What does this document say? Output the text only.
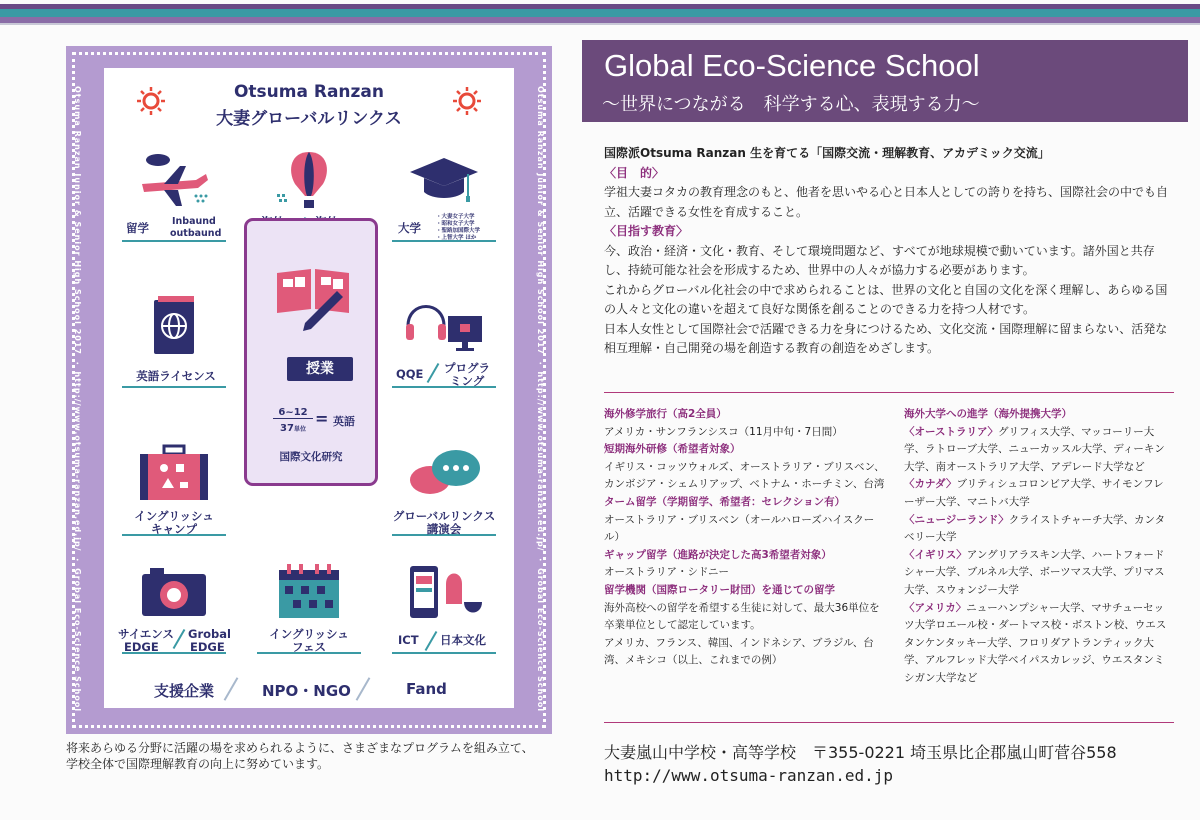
Otsuma Ranzan Junior & Senior High School 2017 ・ http://www.otsuma-ranzan.ed.jp/ ・ Grobal Eco-Science School	Otsuma Ranzan Junior & Senior High School 2017 ・ http://www.otsuma-ranzan.ed.jp/ ・ Grobal Eco-Science School
Otsuma Ranzan
大妻グローバルリンクス
留学 Inbaund
outbaund	大学
・大妻女子大学
・昭和女子大学
・聖路加国際大学
・上智大学 ほか
英語ライセンス	授業
6~12
37単位
= 英語
国際文化研究
QQE プログラ
ミング
イングリッシュ
キャンプ
グローバルリンクス
講演会
サイエンス
EDGE
Grobal
EDGE
イングリッシュ
フェス	ICT 日本文化
支援企業	NPO・NGO	Fand
将来あらゆる分野に活躍の場を求められるように、さまざまなプログラムを組み立て、
学校全体で国際理解教育の向上に努めています。
Global Eco-Science School
〜世界につながる　科学する心、表現する力〜
国際派Otsuma Ranzan 生を育てる「国際交流・理解教育、アカデミック交流」
〈目　的〉
学祖大妻コタカの教育理念のもと、他者を思いやる心と日本人としての誇りを持ち、国際社会の中でも自立、活躍できる女性を育成すること。
〈目指す教育〉
今、政治・経済・文化・教育、そして環境問題など、すべてが地球規模で動いています。諸外国と共存し、持続可能な社会を形成するため、世界中の人々が協力する必要があります。
これからグローバル化社会の中で求められることは、世界の文化と自国の文化を深く理解し、あらゆる国の人々と文化の違いを超えて良好な関係を創ることのできる力を持つ人材です。
日本人女性として国際社会で活躍できる力を身につけるため、文化交流・国際理解に留まらない、活発な相互理解・自己開発の場を創造する教育の創造をめざします。
海外修学旅行（高2全員）
アメリカ・サンフランシスコ（11月中旬・7日間）
短期海外研修（希望者対象）
イギリス・コッツウォルズ、オーストラリア・ブリスベン、カンボジア・シェムリアップ、ベトナム・ホーチミン、台湾
ターム留学（学期留学、希望者：セレクション有）
オーストラリア・ブリスベン（オールハローズハイスクール）
ギャップ留学（進路が決定した高3希望者対象）
オーストラリア・シドニー
留学機関（国際ロータリー財団）を通じての留学
海外高校への留学を希望する生徒に対して、最大36単位を卒業単位として認定しています。
アメリカ、フランス、韓国、インドネシア、ブラジル、台湾、メキシコ（以上、これまでの例）
海外大学への進学（海外提携大学）
〈オーストラリア〉グリフィス大学、マッコーリー大学、ラトローブ大学、ニューカッスル大学、ディーキン大学、南オーストラリア大学、アデレード大学など
〈カナダ〉ブリティシュコロンビア大学、サイモンフレーザー大学、マニトバ大学
〈ニュージーランド〉クライストチャーチ大学、カンタベリー大学
〈イギリス〉アングリアラスキン大学、ハートフォードシャー大学、ブルネル大学、ボーツマス大学、プリマス大学、スウォンジー大学
〈アメリカ〉ニューハンプシャー大学、マサチューセッツ大学ロエール校・ダートマス校・ボストン校、ウエスタンケンタッキー大学、フロリダアトランティック大学、アルフレッド大学ベイパスカレッジ、ウエスタンミシガン大学など
大妻嵐山中学校・高等学校　〒355-0221 埼玉県比企郡嵐山町菅谷558
http://www.otsuma-ranzan.ed.jp
